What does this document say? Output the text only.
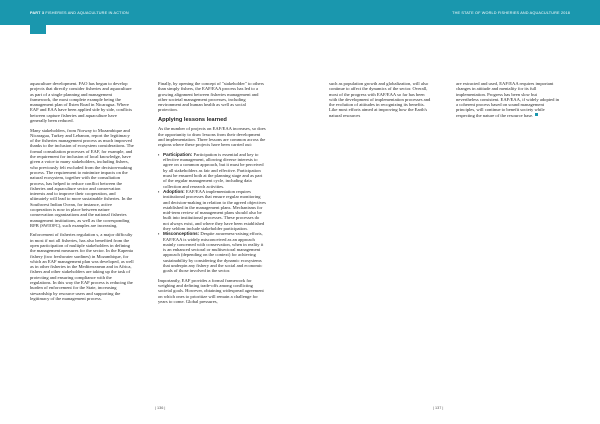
PART 3 FISHERIES AND AQUACULTURE IN ACTION	THE STATE OF WORLD FISHERIES AND AQUACULTURE 2018

aquaculture development. FAO has begun to develop projects that directly consider fisheries and aquaculture as part of a single planning and management framework, the most complete example being the management plan of Ilsten Road in Nicaragua. Where EAF and EAA have been applied side by side, conflicts between capture fisheries and aquaculture have generally been reduced.

Many stakeholders, from Norway to Mozambique and Nicaragua, Turkey and Lebanon, report the legitimacy of the fisheries management process as much improved thanks to the inclusion of ecosystem considerations. The formal consultation processes of EAF, for example, and the requirement for inclusion of local knowledge, have given a voice to many stakeholders, including fishers, who previously felt excluded from the decision-making process. The requirement to minimize impacts on the natural ecosystem, together with the consultation process, has helped to reduce conflict between the fisheries and aquaculture sector and conservation interests and to improve their cooperation, and ultimately will lead to more sustainable fisheries. In the Southwest Indian Ocean, for instance, active cooperation is now in place between nature conservation organizations and the national fisheries management institutions, as well as the corresponding RFB (SWIOFC), such examples are increasing.

Enforcement of fisheries regulation s, a major difficulty in most if not all fisheries, has also benefited from the open participation of multiple stakeholders in defining the management measures for the sector. In the Kapenta fishery (two freshwater sardines) in Mozambique, for which an EAF management plan was developed, as well as in other fisheries in the Mediterranean and in Africa, fishers and other stakeholders are taking up the task of protecting and ensuring compliance with the regulations. In this way the EAF process is reducing the burden of enforcement for the State, increasing stewardship by resource users and supporting the legitimacy of the management process.

Finally, by opening the concept of "stakeholder" to others than simply fishers, the EAF/EAA process has led to a growing alignment between fisheries management and other societal management processes, including environment and human health as well as social protection.

Applying lessons learned

As the number of projects on EAF/EAA increases, so does the opportunity to draw lessons from their development and implementation. Three lessons are common across the regions where these projects have been carried out:

▪ Participation: Participation is essential and key to effective management, allowing diverse interests to agree on a common approach, but it must be perceived by all stakeholders as fair and effective. Participation must be ensured both at the planning stage and as part of the regular management cycle, including data collection and research activities.
▪ Adoption: EAF/EAA implementation requires institutional processes that ensure regular monitoring and decision-making in relation to the agreed objectives established in the management plans. Mechanisms for mid-term review of management plans should also be built into institutional processes. These processes do not always exist, and where they have been established they seldom include stakeholder participation.
▪ Misconceptions: Despite awareness-raising efforts, EAF/EAA is widely misconceived as an approach mainly concerned with conservation, when in reality it is an enhanced sectoral or multisectoral management approach (depending on the context) for achieving sustainability by considering the dynamic ecosystems that underpin any fishery and the social and economic goals of those involved in the sector.

Importantly, EAF provides a formal framework for weighing and defining trade-offs among conflicting societal goals. However, obtaining widespread agreement on which ones to prioritize will remain a challenge for years to come. Global pressures,

such as population growth and globalization, will also continue to affect the dynamics of the sector. Overall, most of the progress with EAF/EAA so far has been with the development of implementation processes and the evolution of attitudes in recognizing its benefits. Like most efforts aimed at improving how the Earth's natural resources

are extracted and used, EAF/EAA requires important changes in attitude and mentality for its full implementation. Progress has been slow but nevertheless consistent. EAF/EAA, if widely adopted in a coherent process based on sound management principles, will continue to benefit society while respecting the nature of the resource base.

| 136 |	| 137 |
